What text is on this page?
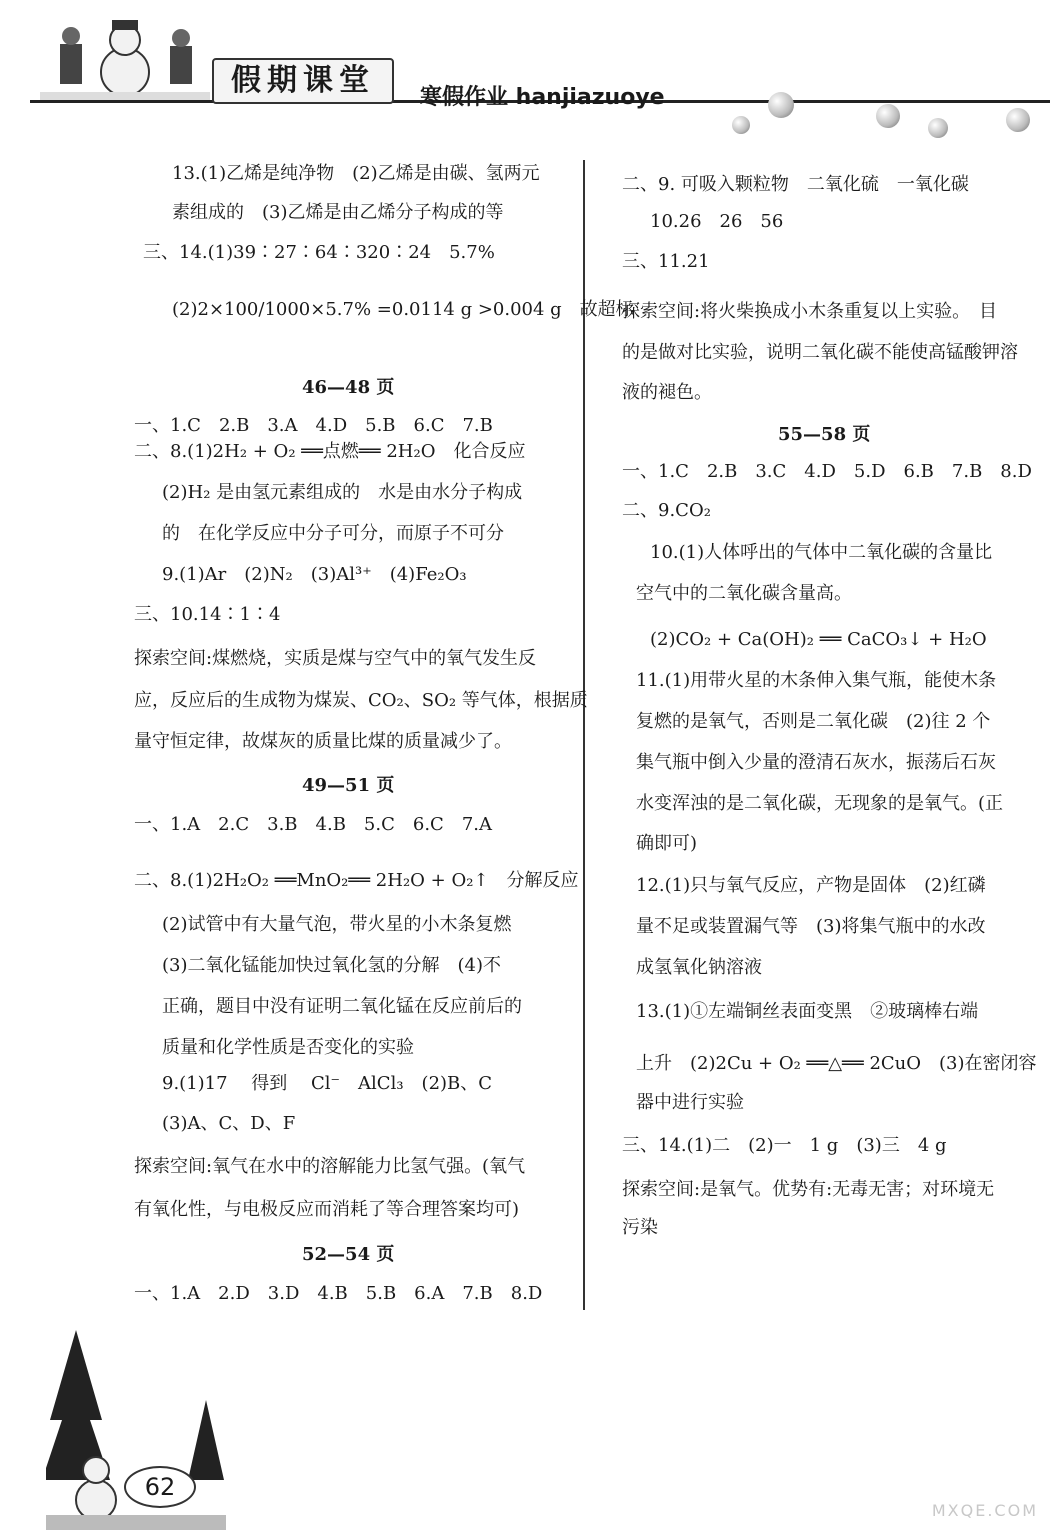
假期课堂	寒假作业 hanjiazuoye
13.(1)乙烯是纯净物　(2)乙烯是由碳、氢两元
素组成的　(3)乙烯是由乙烯分子构成的等
三、14.(1)39∶27∶64∶320∶24　5.7%
(2)2×100/1000×5.7% =0.0114 g >0.004 g　故超标
46—48 页
一、1.C　2.B　3.A　4.D　5.B　6.C　7.B
二、8.(1)2H₂ + O₂ ══点燃══ 2H₂O　化合反应
(2)H₂ 是由氢元素组成的　水是由水分子构成
的　在化学反应中分子可分，而原子不可分
9.(1)Ar　(2)N₂　(3)Al³⁺　(4)Fe₂O₃
三、10.14∶1∶4
探索空间:煤燃烧，实质是煤与空气中的氧气发生反
应，反应后的生成物为煤炭、CO₂、SO₂ 等气体，根据质
量守恒定律，故煤灰的质量比煤的质量减少了。
49—51 页
一、1.A　2.C　3.B　4.B　5.C　6.C　7.A
二、8.(1)2H₂O₂ ══MnO₂══ 2H₂O + O₂↑　分解反应
(2)试管中有大量气泡，带火星的小木条复燃
(3)二氧化锰能加快过氧化氢的分解　(4)不
正确，题目中没有证明二氧化锰在反应前后的
质量和化学性质是否变化的实验
9.(1)17　 得到　 Cl⁻　AlCl₃　(2)B、C
(3)A、C、D、F
探索空间:氧气在水中的溶解能力比氢气强。(氧气
有氧化性，与电极反应而消耗了等合理答案均可)
52—54 页
一、1.A　2.D　3.D　4.B　5.B　6.A　7.B　8.D
二、9. 可吸入颗粒物　二氧化硫　一氧化碳
10.26　26　56
三、11.21
探索空间:将火柴换成小木条重复以上实验。　目
的是做对比实验，说明二氧化碳不能使高锰酸钾溶
液的褪色。
55—58 页
一、1.C　2.B　3.C　4.D　5.D　6.B　7.B　8.D
二、9.CO₂
10.(1)人体呼出的气体中二氧化碳的含量比
空气中的二氧化碳含量高。
(2)CO₂ + Ca(OH)₂ ══ CaCO₃↓ + H₂O
11.(1)用带火星的木条伸入集气瓶，能使木条
复燃的是氧气，否则是二氧化碳　(2)往 2 个
集气瓶中倒入少量的澄清石灰水，振荡后石灰
水变浑浊的是二氧化碳，无现象的是氧气。(正
确即可)
12.(1)只与氧气反应，产物是固体　(2)红磷
量不足或装置漏气等　(3)将集气瓶中的水改
成氢氧化钠溶液
13.(1)①左端铜丝表面变黑　②玻璃棒右端
上升　(2)2Cu + O₂ ══△══ 2CuO　(3)在密闭容
器中进行实验
三、14.(1)二　(2)一　1 g　(3)三　4 g
探索空间:是氧气。优势有:无毒无害；对环境无
污染
62
MXQE.COM
